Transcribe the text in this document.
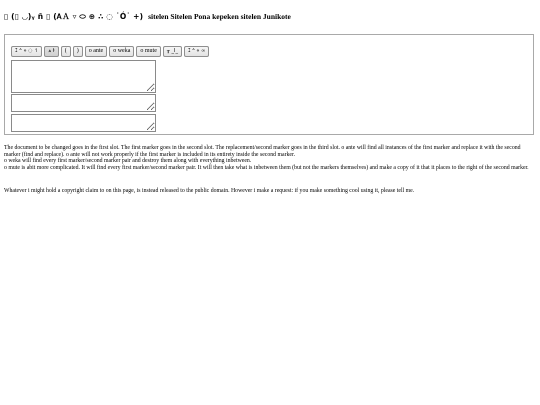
▯ (▯ ◡)ᵧ ñ ▯ (ᎪＡ ▿ ⬭ ⊕ ∴ ◌ ˙Ó˙ +) sitelen Sitelen Pona kepeken sitelen Junikote
ꕯ ᐞ ⋄ ◌ ↿	⩓ ɫ	(	)	o ante	o weka	o mute	╥ _Ι_	ꕯ ᐞ ⋄ ∞

The document to be changed goes in the first slot. The first marker goes in the second slot. The replacement/second marker goes in the third slot. o ante will find all instances of the first marker and replace it with the second marker (find and replace). o ante will not work properly if the first marker is included in its entirety inside the second marker.

o weka will find every first marker/second marker pair and destroy them along with everything inbetween.

o mute is abit more complicated. It will find every first marker/second marker pair. It will then take what is inbetween them (but not the markers themselves) and make a copy of it that it places to the right of the second marker.

Whatever i might hold a copyright claim to on this page, is instead released to the public domain. However i make a request: if you make something cool using it, please tell me.
